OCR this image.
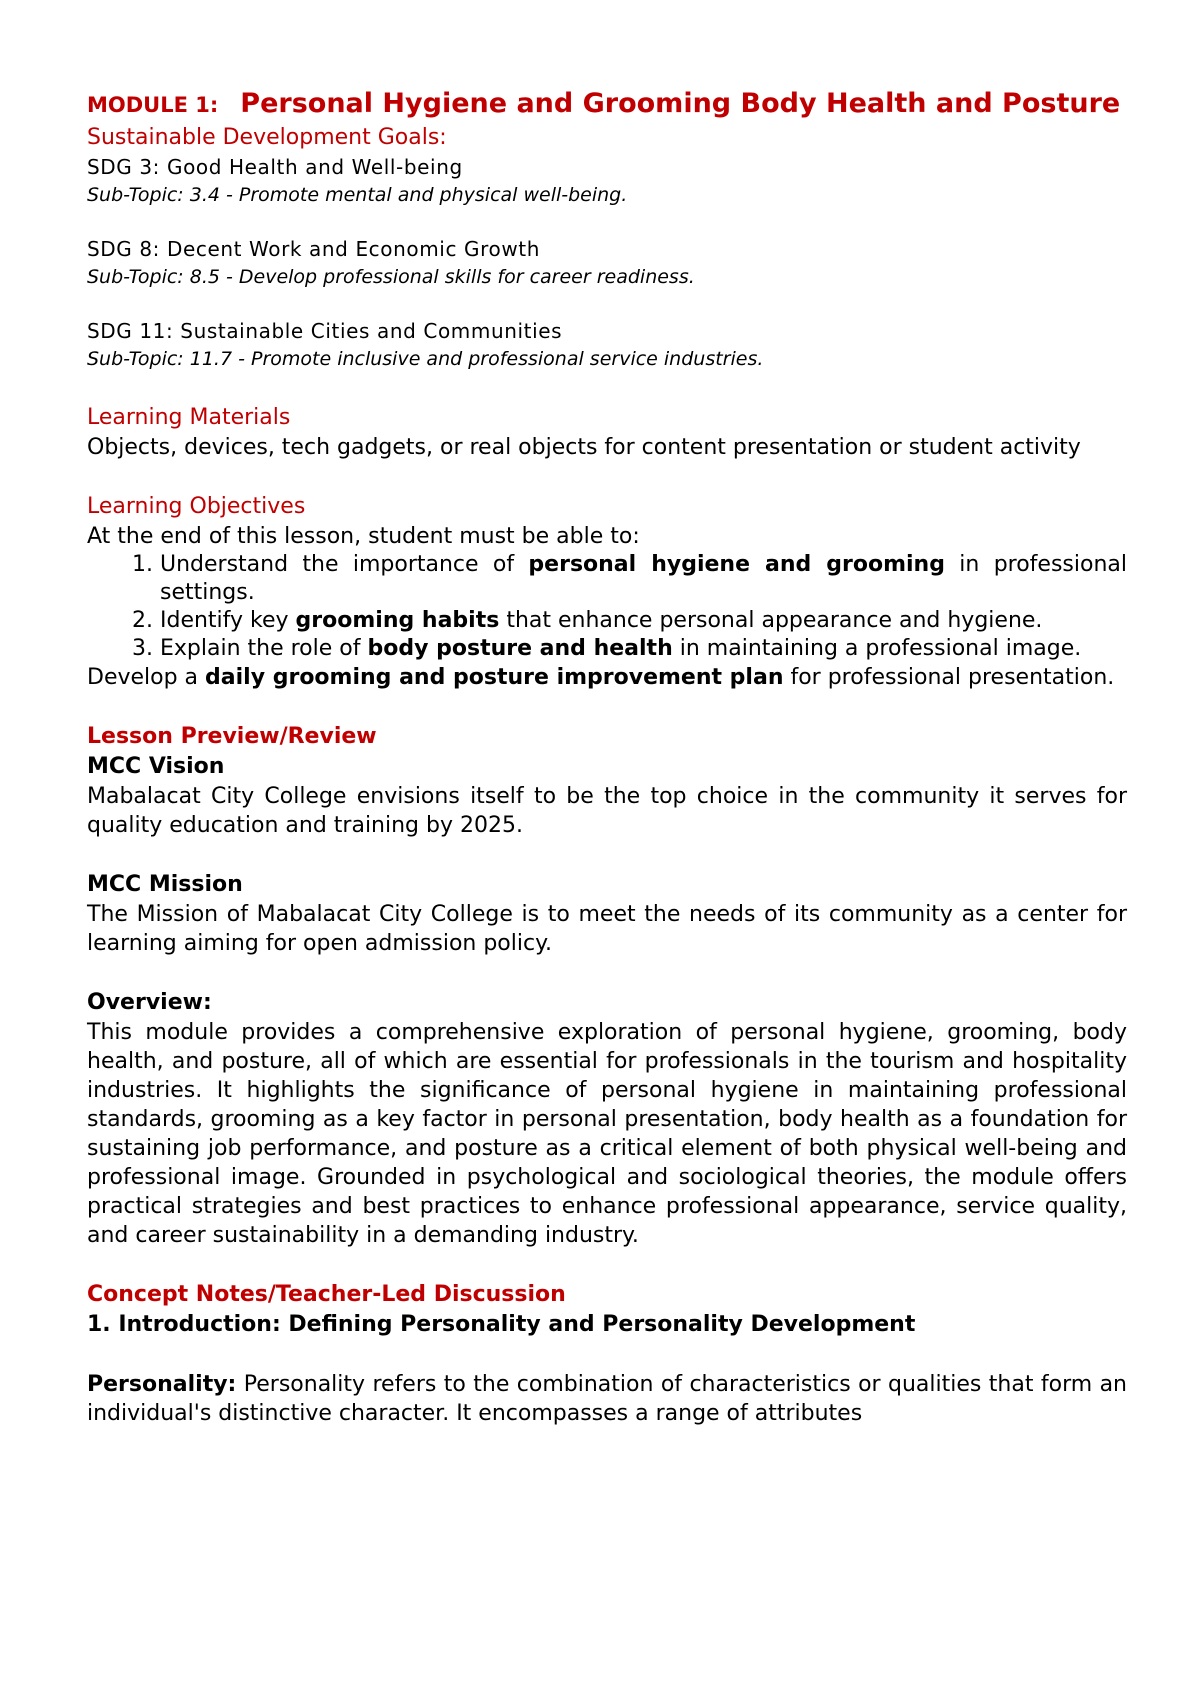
MODULE 1: Personal Hygiene and Grooming Body Health and Posture

Sustainable Development Goals:

SDG 3: Good Health and Well-being

Sub-Topic: 3.4 - Promote mental and physical well-being.

SDG 8: Decent Work and Economic Growth

Sub-Topic: 8.5 - Develop professional skills for career readiness.

SDG 11: Sustainable Cities and Communities

Sub-Topic: 11.7 - Promote inclusive and professional service industries.

Learning Materials

Objects, devices, tech gadgets, or real objects for content presentation or student activity

Learning Objectives

At the end of this lesson, student must be able to:

1. Understand the importance of personal hygiene and grooming in professional settings.
2. Identify key grooming habits that enhance personal appearance and hygiene.
3. Explain the role of body posture and health in maintaining a professional image.

Develop a daily grooming and posture improvement plan for professional presentation.

Lesson Preview/Review

MCC Vision

Mabalacat City College envisions itself to be the top choice in the community it serves for quality education and training by 2025.

MCC Mission

The Mission of Mabalacat City College is to meet the needs of its community as a center for learning aiming for open admission policy.

Overview:

This module provides a comprehensive exploration of personal hygiene, grooming, body health, and posture, all of which are essential for professionals in the tourism and hospitality industries. It highlights the significance of personal hygiene in maintaining professional standards, grooming as a key factor in personal presentation, body health as a foundation for sustaining job performance, and posture as a critical element of both physical well-being and professional image. Grounded in psychological and sociological theories, the module offers practical strategies and best practices to enhance professional appearance, service quality, and career sustainability in a demanding industry.

Concept Notes/Teacher-Led Discussion

1. Introduction: Defining Personality and Personality Development

Personality: Personality refers to the combination of characteristics or qualities that form an individual's distinctive character. It encompasses a range of attributes
